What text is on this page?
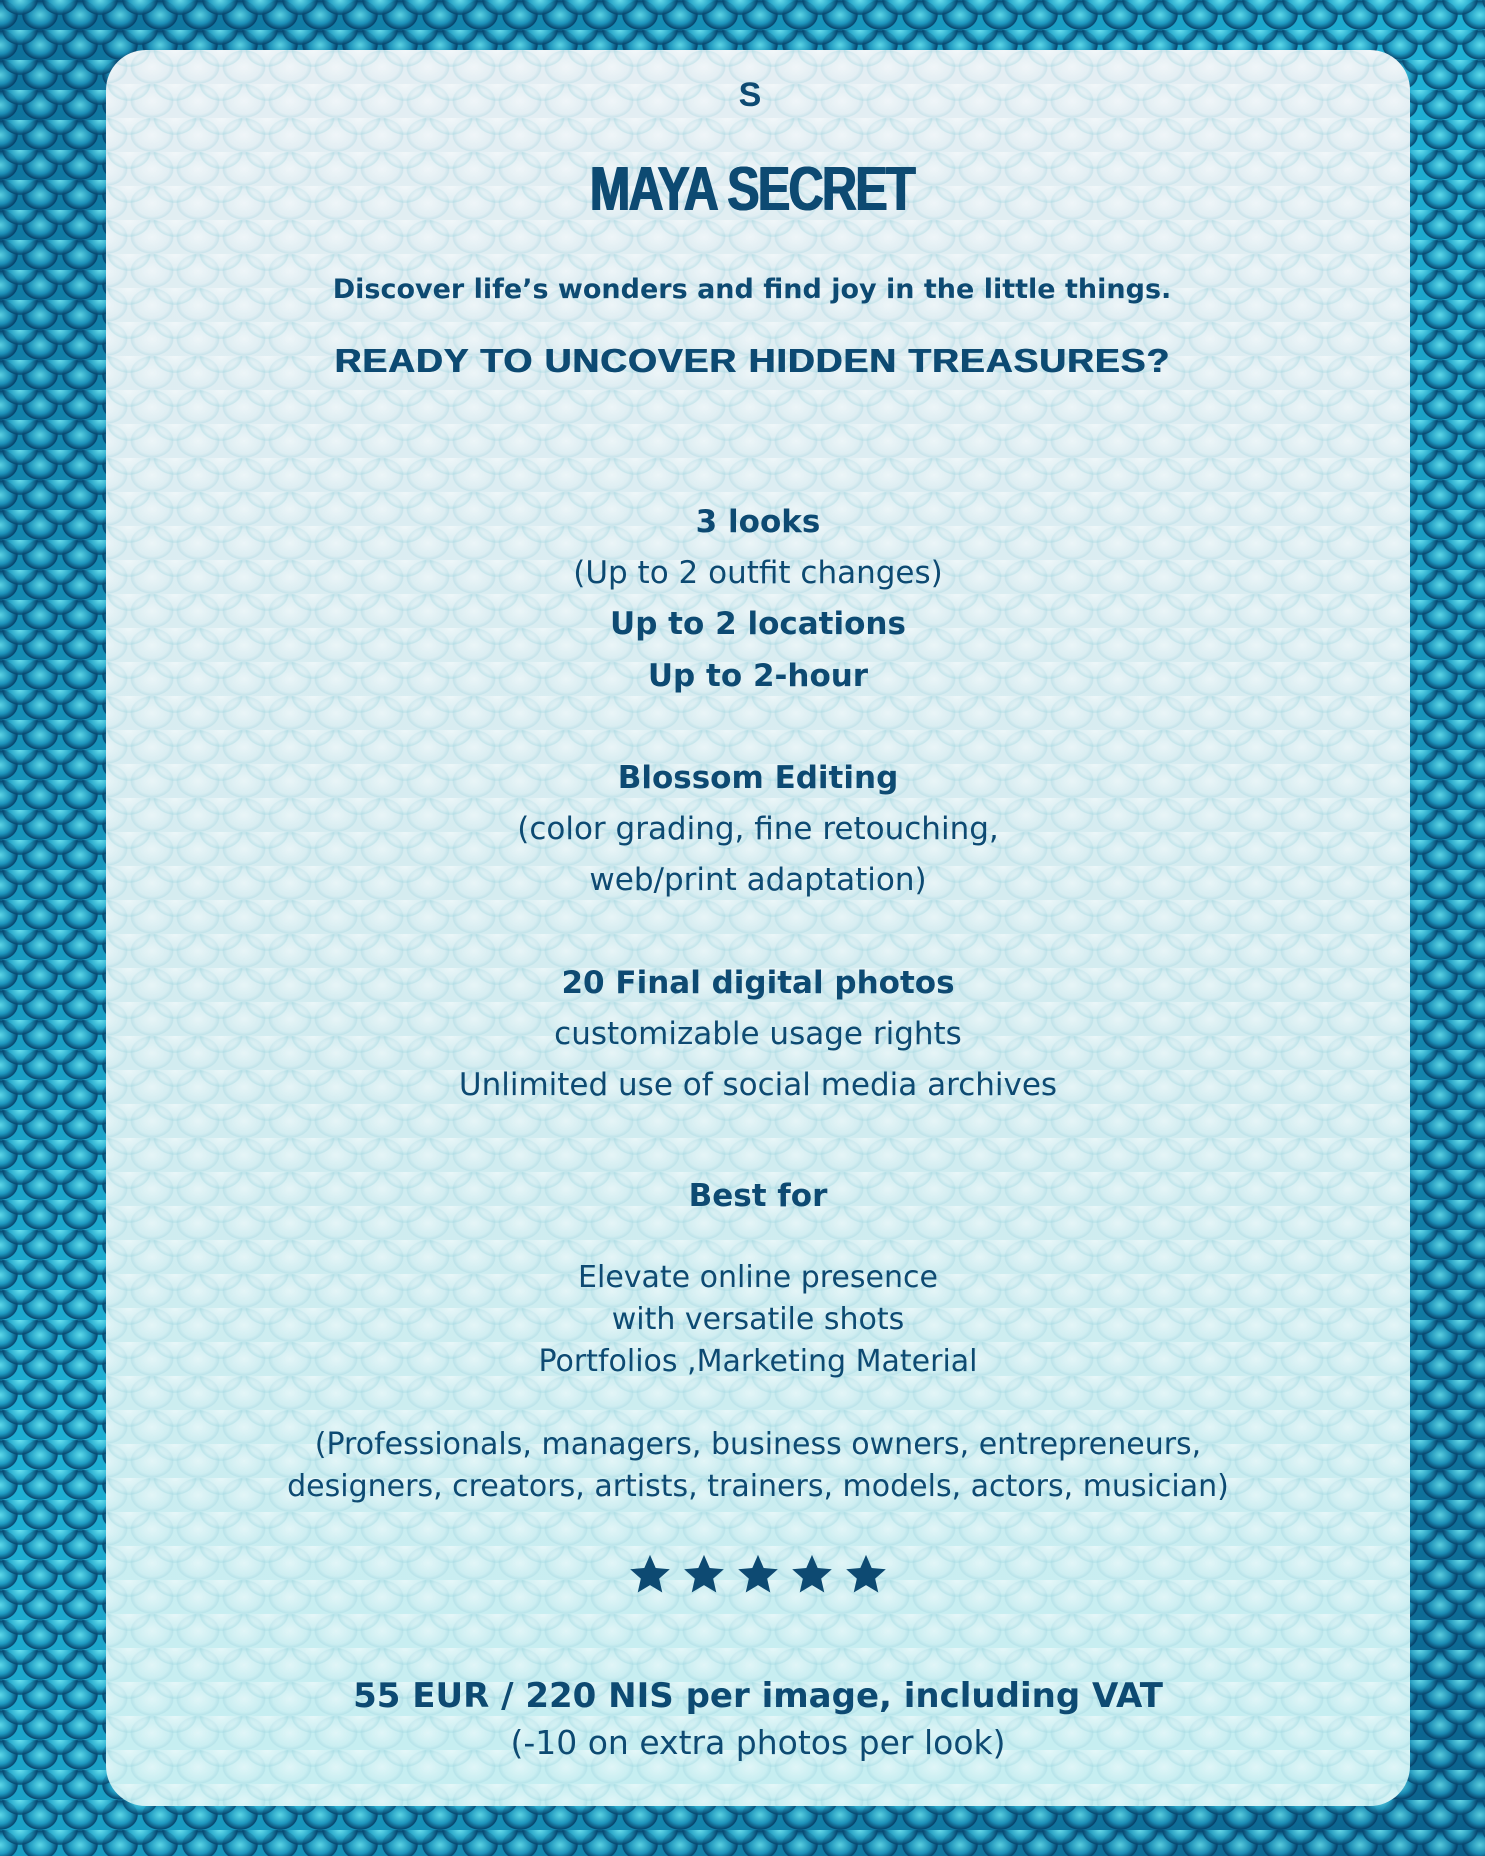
S

MAYA SECRET

Discover life’s wonders and find joy in the little things.

READY TO UNCOVER HIDDEN TREASURES?

3 looks

(Up to 2 outfit changes)

Up to 2 locations

Up to 2-hour

Blossom Editing

(color grading, fine retouching,

web/print adaptation)

20 Final digital photos

customizable usage rights

Unlimited use of social media archives

Best for

Elevate online presence

with versatile shots

Portfolios ,Marketing Material

(Professionals, managers, business owners, entrepreneurs,

designers, creators, artists, trainers, models, actors, musician)

55 EUR / 220 NIS per image, including VAT

(-10 on extra photos per look)
